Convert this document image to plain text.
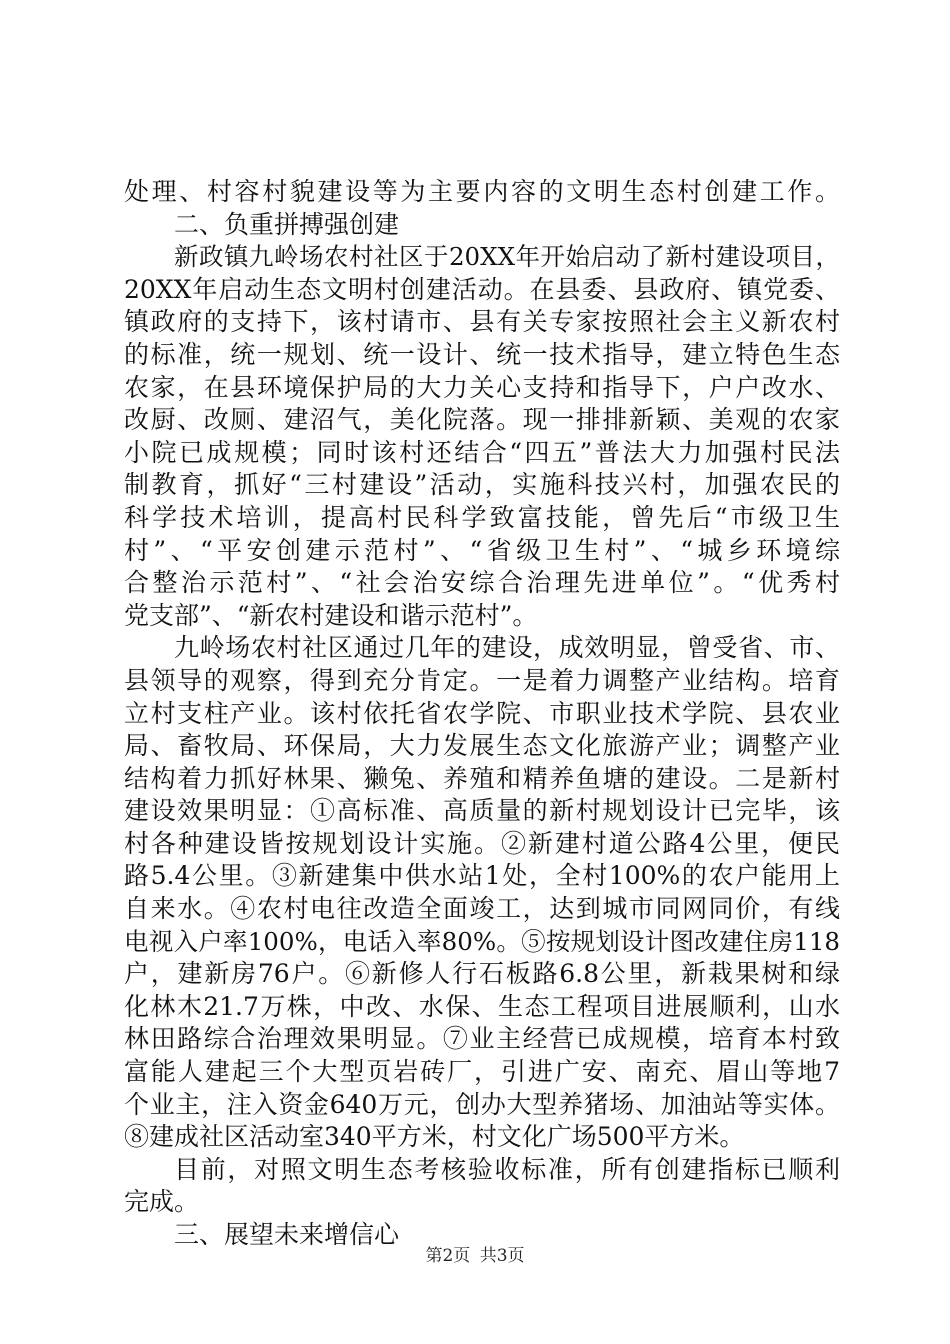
处理、村容村貌建设等为主要内容的文明生态村创建工作。
二、负重拼搏强创建
新政镇九岭场农村社区于20XX年开始启动了新村建设项目，
20XX年启动生态文明村创建活动。在县委、县政府、镇党委、
镇政府的支持下，该村请市、县有关专家按照社会主义新农村
的标准，统一规划、统一设计、统一技术指导，建立特色生态
农家，在县环境保护局的大力关心支持和指导下，户户改水、
改厨、改厕、建沼气，美化院落。现一排排新颖、美观的农家
小院已成规模；同时该村还结合“四五”普法大力加强村民法
制教育，抓好“三村建设”活动，实施科技兴村，加强农民的
科学技术培训，提高村民科学致富技能，曾先后“市级卫生
村”、“平安创建示范村”、“省级卫生村”、“城乡环境综
合整治示范村”、“社会治安综合治理先进单位”。“优秀村
党支部”、“新农村建设和谐示范村”。
九岭场农村社区通过几年的建设，成效明显，曾受省、市、
县领导的观察，得到充分肯定。一是着力调整产业结构。培育
立村支柱产业。该村依托省农学院、市职业技术学院、县农业
局、畜牧局、环保局，大力发展生态文化旅游产业；调整产业
结构着力抓好林果、獭兔、养殖和精养鱼塘的建设。二是新村
建设效果明显：①高标准、高质量的新村规划设计已完毕，该
村各种建设皆按规划设计实施。②新建村道公路4公里，便民
路5.4公里。③新建集中供水站1处，全村100%的农户能用上
自来水。④农村电往改造全面竣工，达到城市同网同价，有线
电视入户率100%，电话入率80%。⑤按规划设计图改建住房118
户，建新房76户。⑥新修人行石板路6.8公里，新栽果树和绿
化林木21.7万株，中改、水保、生态工程项目进展顺利，山水
林田路综合治理效果明显。⑦业主经营已成规模，培育本村致
富能人建起三个大型页岩砖厂，引进广安、南充、眉山等地7
个业主，注入资金640万元，创办大型养猪场、加油站等实体。
⑧建成社区活动室340平方米，村文化广场500平方米。
目前，对照文明生态考核验收标准，所有创建指标已顺利
完成。
三、展望未来增信心
第2页 共3页
